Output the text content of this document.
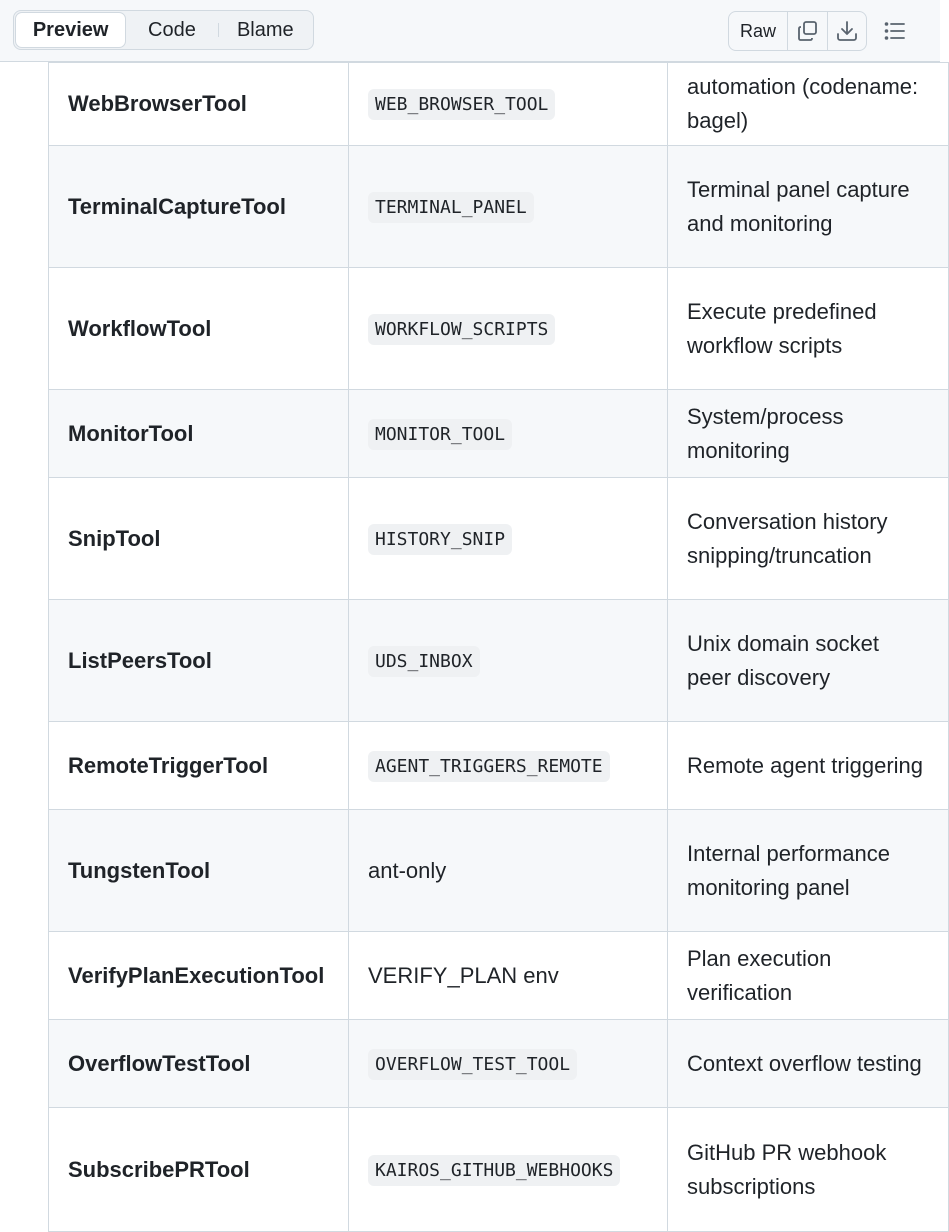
Preview	Code	Blame	Raw
WebBrowserTool	WEB_BROWSER_TOOL	automation (codename: bagel)
TerminalCaptureTool	TERMINAL_PANEL	Terminal panel capture and monitoring
WorkflowTool	WORKFLOW_SCRIPTS	Execute predefined workflow scripts
MonitorTool	MONITOR_TOOL	System/process monitoring
SnipTool	HISTORY_SNIP	Conversation history snipping/truncation
ListPeersTool	UDS_INBOX	Unix domain socket peer discovery
RemoteTriggerTool	AGENT_TRIGGERS_REMOTE	Remote agent triggering
TungstenTool	ant-only	Internal performance monitoring panel
VerifyPlanExecutionTool	VERIFY_PLAN env	Plan execution verification
OverflowTestTool	OVERFLOW_TEST_TOOL	Context overflow testing
SubscribePRTool	KAIROS_GITHUB_WEBHOOKS	GitHub PR webhook subscriptions
